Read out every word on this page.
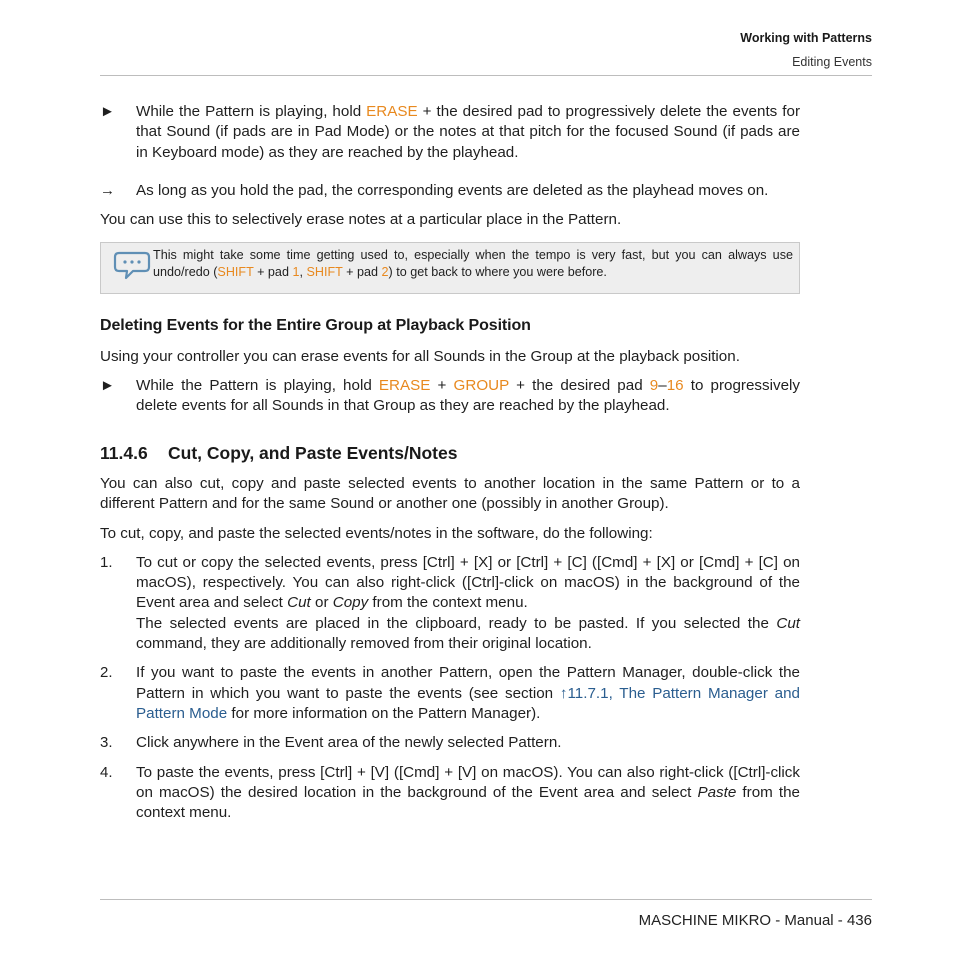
Working with Patterns
Editing Events
►	While the Pattern is playing, hold ERASE + the desired pad to progressively delete the events for that Sound (if pads are in Pad Mode) or the notes at that pitch for the focused Sound (if pads are in Keyboard mode) as they are reached by the playhead.
→	As long as you hold the pad, the corresponding events are deleted as the playhead moves on.

You can use this to selectively erase notes at a particular place in the Pattern.

This might take some time getting used to, especially when the tempo is very fast, but you can always use undo/redo (SHIFT + pad 1, SHIFT + pad 2) to get back to where you were before.
Deleting Events for the Entire Group at Playback Position

Using your controller you can erase events for all Sounds in the Group at the playback position.

►	While the Pattern is playing, hold ERASE + GROUP + the desired pad 9–16 to progressively delete events for all Sounds in that Group as they are reached by the playhead.
11.4.6	Cut, Copy, and Paste Events/Notes

You can also cut, copy and paste selected events to another location in the same Pattern or to a different Pattern and for the same Sound or another one (possibly in another Group).

To cut, copy, and paste the selected events/notes in the software, do the following:

1.	To cut or copy the selected events, press [Ctrl] + [X] or [Ctrl] + [C] ([Cmd] + [X] or [Cmd] + [C] on macOS), respectively. You can also right-click ([Ctrl]-click on macOS) in the background of the Event area and select Cut or Copy from the context menu.
The selected events are placed in the clipboard, ready to be pasted. If you selected the Cut command, they are additionally removed from their original location.
2.	If you want to paste the events in another Pattern, open the Pattern Manager, double-click the Pattern in which you want to paste the events (see section ↑11.7.1, The Pattern Manager and Pattern Mode for more information on the Pattern Manager).
3.	Click anywhere in the Event area of the newly selected Pattern.
4.	To paste the events, press [Ctrl] + [V] ([Cmd] + [V] on macOS). You can also right-click ([Ctrl]-click on macOS) the desired location in the background of the Event area and select Paste from the context menu.
MASCHINE MIKRO - Manual - 436
